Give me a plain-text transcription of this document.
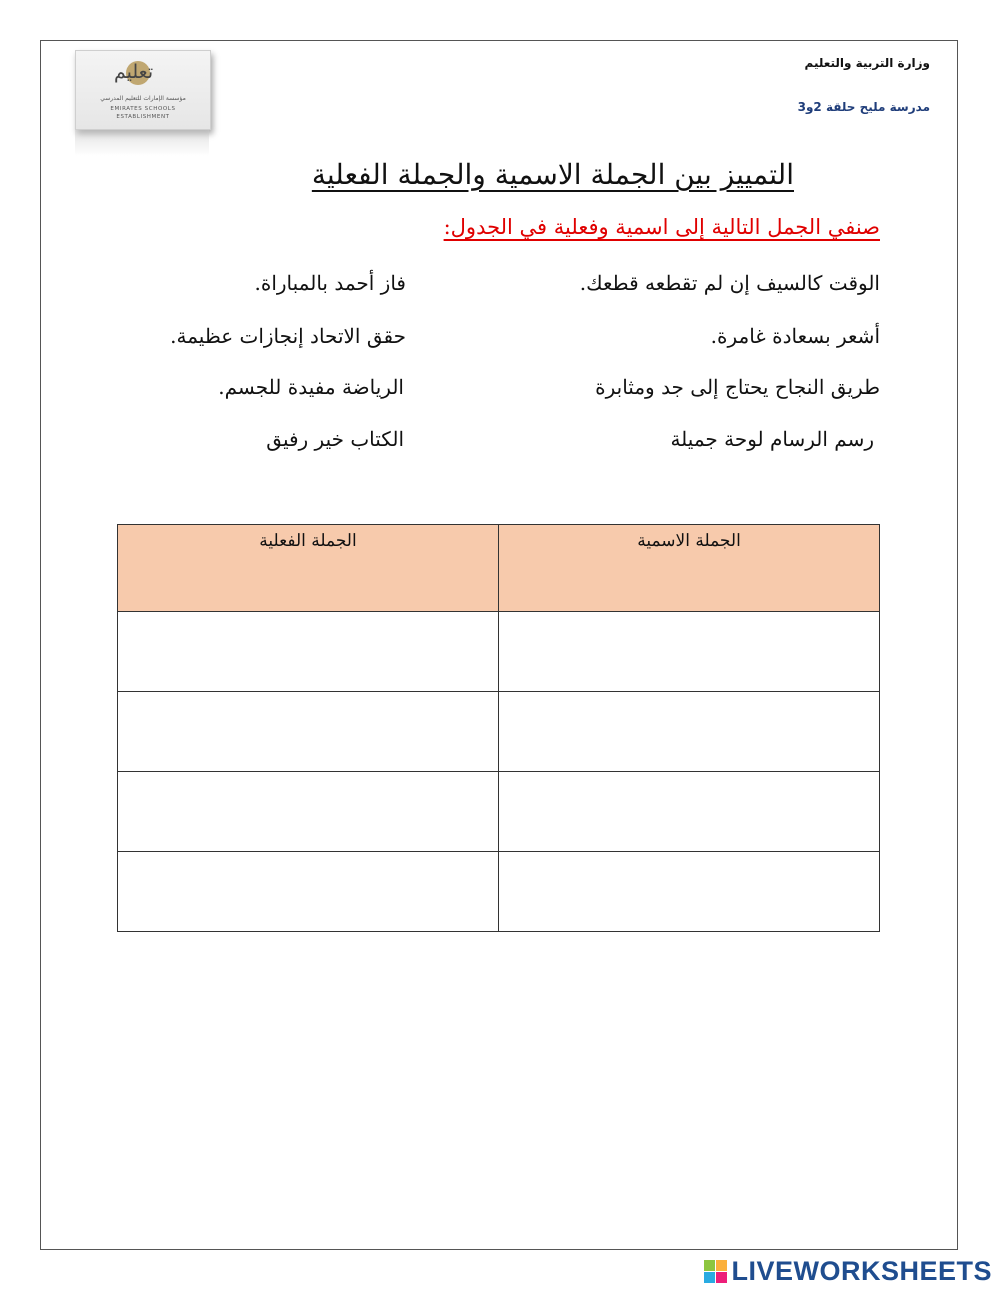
تعليم
مؤسسة الإمارات للتعليم المدرسي
EMIRATES SCHOOLS
ESTABLISHMENT
وزارة التربية والتعليم
مدرسة مليح حلقة 2و3
التمييز بين الجملة الاسمية والجملة الفعلية
صنفي الجمل التالية إلى اسمية وفعلية في الجدول:
الوقت كالسيف إن لم تقطعه قطعك.
أشعر بسعادة غامرة.
طريق النجاح يحتاج إلى جد ومثابرة
رسم الرسام لوحة جميلة
فاز أحمد بالمباراة.
حقق الاتحاد إنجازات عظيمة.
الرياضة مفيدة للجسم.
الكتاب خير رفيق
الجملة الاسمية	الجملة الفعلية

LIVEWORKSHEETS
